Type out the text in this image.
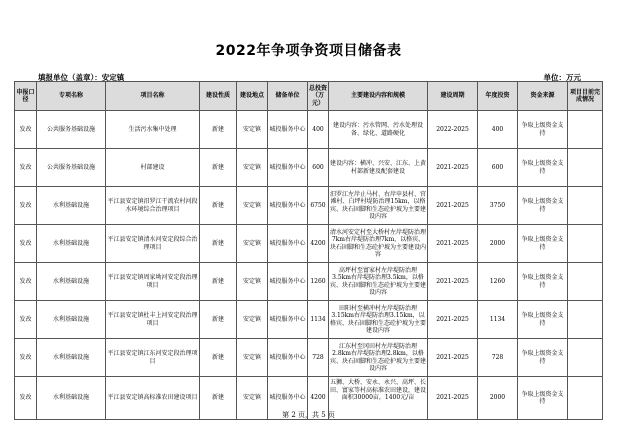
2022年争项争资项目储备表
填报单位（盖章）：安定镇	单位：万元
申报口径	专项名称	项目名称	建设性质	建设地点	储备单位	总投资（万元）	主要建设内容和规模	建设周期	年度投资	资金来源	项目目前完成情况
发改	公共服务基础设施	生活污水集中处理	新建	安定镇	城投服务中心	400	建设内容：污水管网、污水处理设备、绿化、道路硬化	2022-2025	400	争取上级资金支持	
发改	公共服务基础设施	村部建设	新建	安定镇	城投服务中心	600	建设内容：横冲、兴安、江东、上黄村部新建及配套建设	2021-2025	600	争取上级资金支持	
发改	水利基础设施	平江县安定镇汨罗江干流农村河段水环境综合治理项目	新建	安定镇	城投服务中心	6750	汨罗江左岸止马村、右岸申县村、官滩村、白坪村堤防治理15km，以格宾、块石固脚和生态砼护坡为主要建设内容	2021-2025	3750	争取上级资金支持	
发改	水利基础设施	平江县安定镇清水河安定段综合治理项目	新建	安定镇	城投服务中心	4200	清水河安定村至大桥村左岸堤防治理7km右岸堤防治理7km，以格宾、块石固脚和生态砼护坡为主要建设内容	2021-2025	2000	争取上级资金支持	
发改	水利基础设施	平江县安定镇周家坳河安定段治理项目	新建	安定镇	城投服务中心	1260	高坪村至富家村左岸堤防治理3.5km右岸堤防治理3.5km，以格宾、块石固脚和生态砼护坡为主要建设内容	2021-2025	1260	争取上级资金支持	
发改	水利基础设施	平江县安定镇杜丰上河安定段治理项目	新建	安定镇	城投服务中心	1134	田阳村至横冲村左岸堤防治理3.15km右岸堤防治理3.15km，以格宾、块石固脚和生态砼护坡为主要建设内容	2021-2025	1134	争取上级资金支持	
发改	水利基础设施	平江县安定镇江东河安定段治理项目	新建	安定镇	城投服务中心	728	江东村至冈田村左岸堤防治理2.8km右岸堤防治理2.8km，以格宾、块石固脚和生态砼护坡为主要建设内容	2021-2025	728	争取上级资金支持	
发改	水利基础设施	平江县安定镇高标准农田建设项目	新建	安定镇	城投服务中心	4200	五狮、大桥、安永、永兴、高坪、长田、富家等村高标准农田建设，建设面积30000亩，1400元/亩	2021-2025	2000	争取上级资金支持	
第 2 页，共 5 页
